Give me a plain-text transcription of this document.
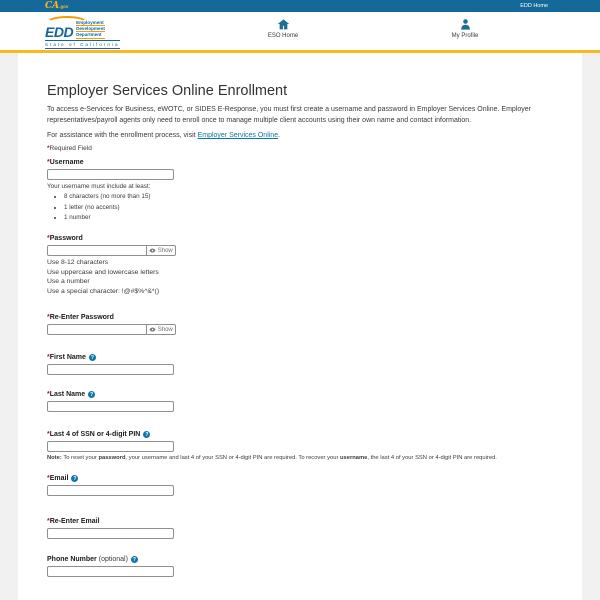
CA.gov	EDD Home
EDD
Employment
Development
Department
State of California
ESO Home	My Profile
Employer Services Online Enrollment

To access e-Services for Business, eWOTC, or SIDES E-Response, you must first create a username and password in Employer Services Online. Employer representatives/payroll agents only need to enroll once to manage multiple client accounts using their own name and contact information.

For assistance with the enrollment process, visit Employer Services Online.

*Required Field

*Username

Your username must include at least:

• 8 characters (no more than 15)
• 1 letter (no accents)
• 1 number
*Password
Show

Use 8-12 characters

Use uppercase and lowercase letters

Use a number

Use a special character: !@#$%^&*()

*Re-Enter Password
Show
*First Name ?
*Last Name ?
*Last 4 of SSN or 4-digit PIN ?

Note: To reset your password, your username and last 4 of your SSN or 4-digit PIN are required. To recover your username, the last 4 of your SSN or 4-digit PIN are required.

*Email ?
*Re-Enter Email
Phone Number (optional) ?
